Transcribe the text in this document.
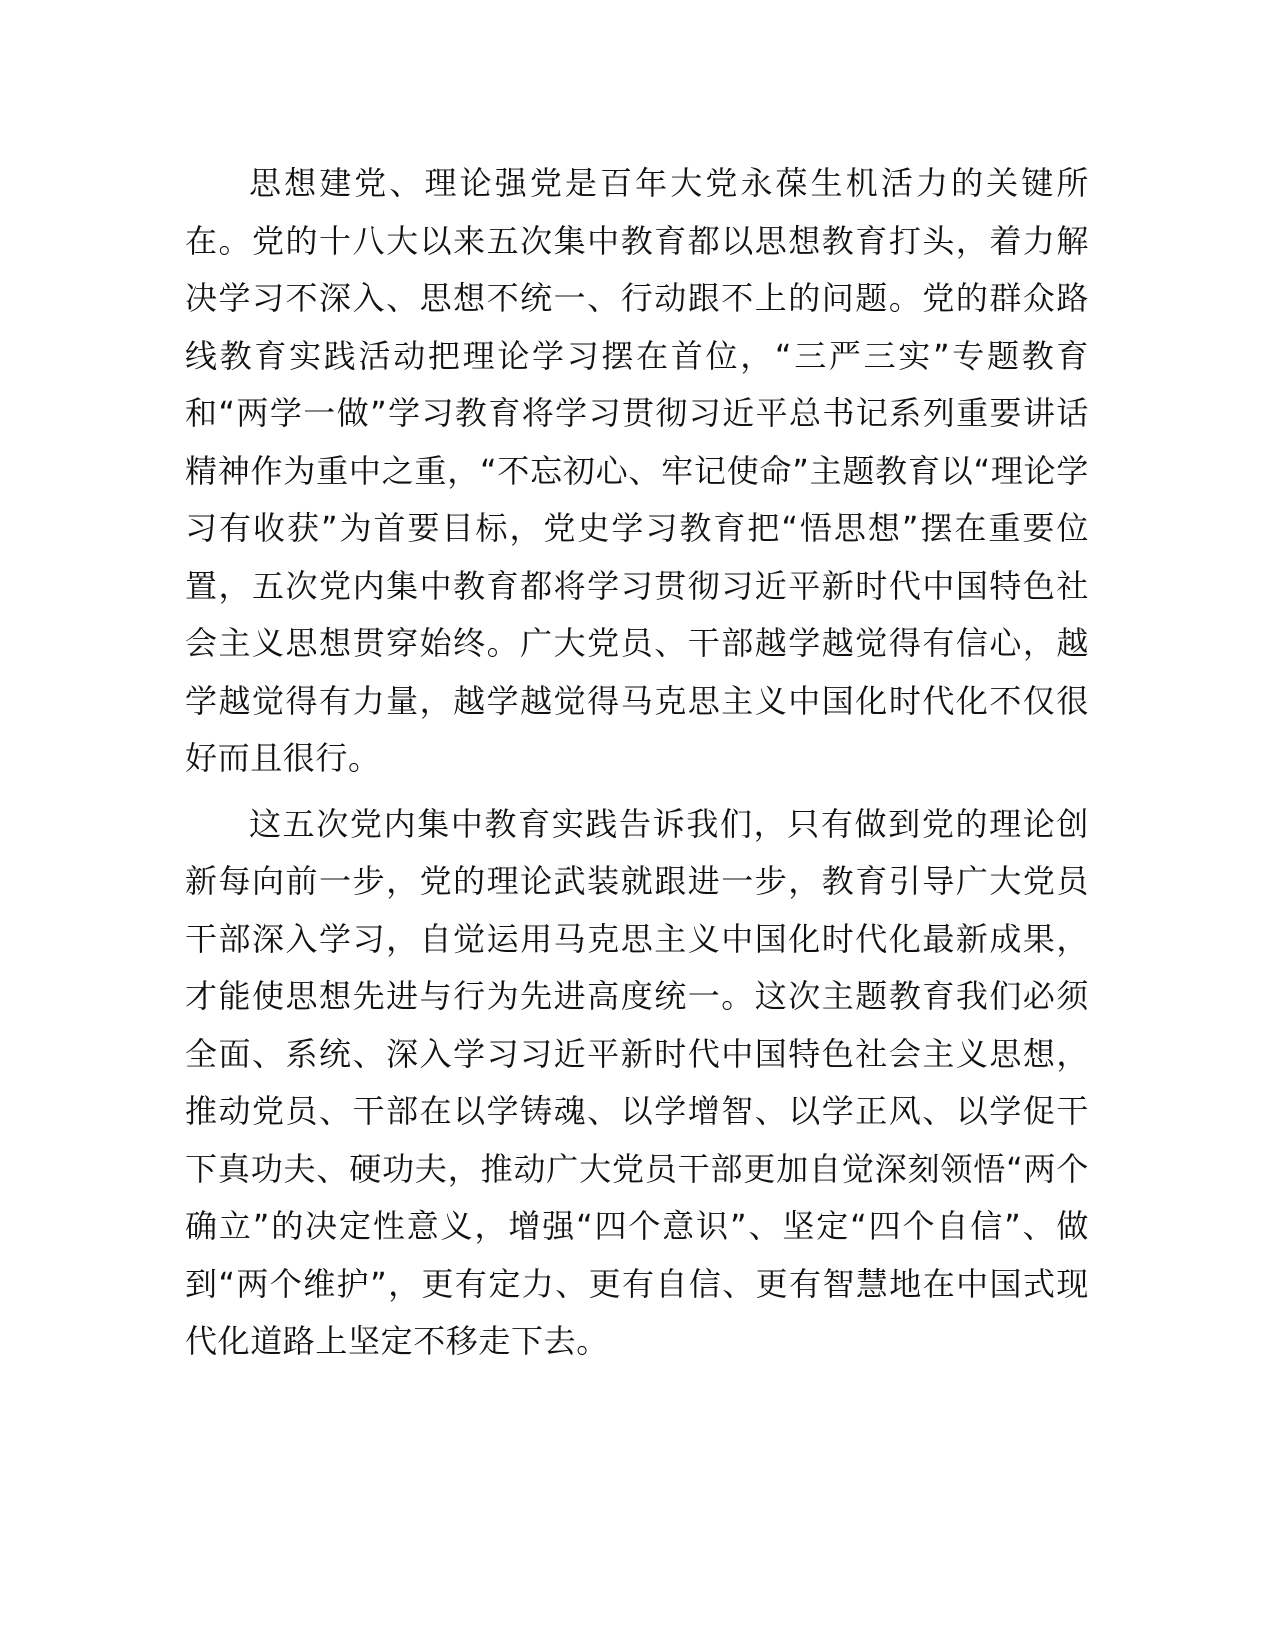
思想建党、理论强党是百年大党永葆生机活力的关键所在。党的十八大以来五次集中教育都以思想教育打头，着力解决学习不深入、思想不统一、行动跟不上的问题。党的群众路线教育实践活动把理论学习摆在首位，“三严三实”专题教育和“两学一做”学习教育将学习贯彻习近平总书记系列重要讲话精神作为重中之重，“不忘初心、牢记使命”主题教育以“理论学习有收获”为首要目标，党史学习教育把“悟思想”摆在重要位置，五次党内集中教育都将学习贯彻习近平新时代中国特色社会主义思想贯穿始终。广大党员、干部越学越觉得有信心，越学越觉得有力量，越学越觉得马克思主义中国化时代化不仅很好而且很行。

这五次党内集中教育实践告诉我们，只有做到党的理论创新每向前一步，党的理论武装就跟进一步，教育引导广大党员干部深入学习，自觉运用马克思主义中国化时代化最新成果，才能使思想先进与行为先进高度统一。这次主题教育我们必须全面、系统、深入学习习近平新时代中国特色社会主义思想，推动党员、干部在以学铸魂、以学增智、以学正风、以学促干下真功夫、硬功夫，推动广大党员干部更加自觉深刻领悟“两个确立”的决定性意义，增强“四个意识”、坚定“四个自信”、做到“两个维护”，更有定力、更有自信、更有智慧地在中国式现代化道路上坚定不移走下去。
